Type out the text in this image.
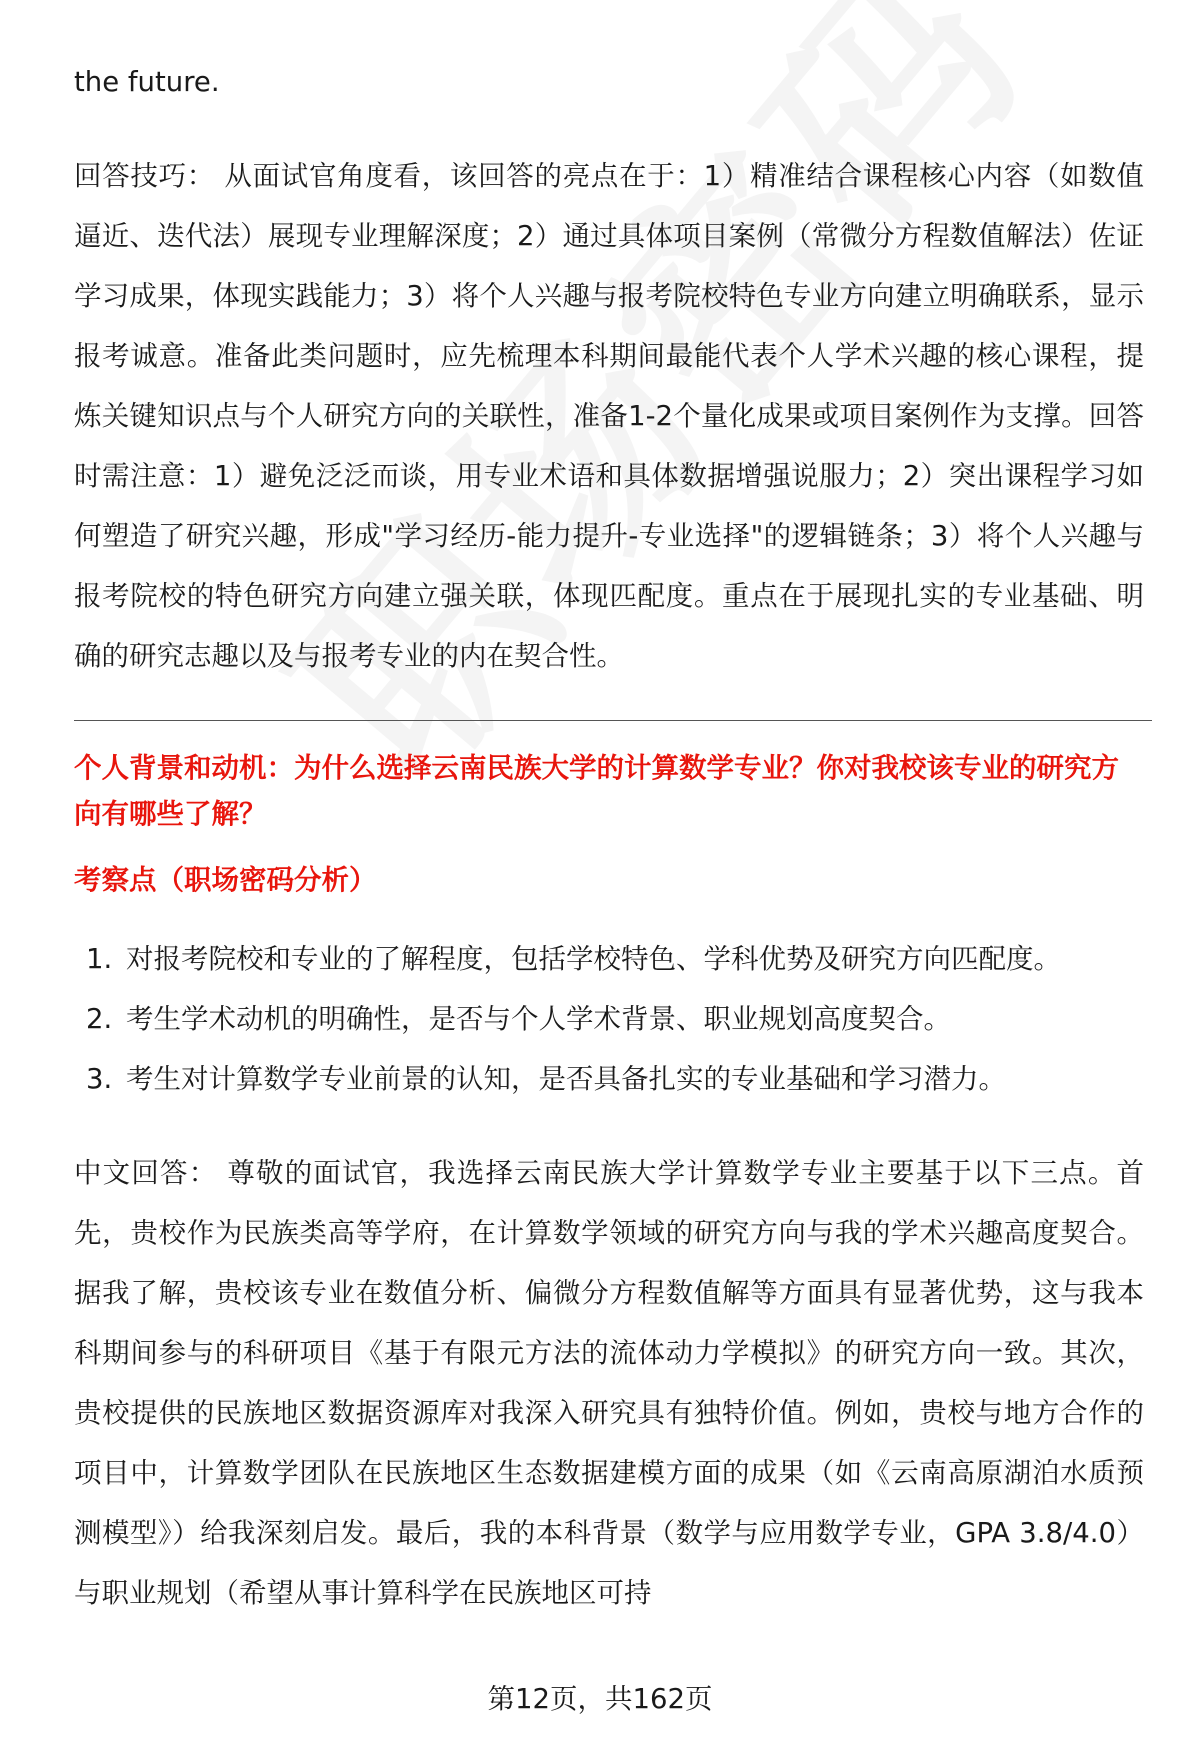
the future.

回答技巧： 从面试官角度看，该回答的亮点在于：1）精准结合课程核心内容（如数值逼近、迭代法）展现专业理解深度；2）通过具体项目案例（常微分方程数值解法）佐证学习成果，体现实践能力；3）将个人兴趣与报考院校特色专业方向建立明确联系，显示报考诚意。准备此类问题时，应先梳理本科期间最能代表个人学术兴趣的核心课程，提炼关键知识点与个人研究方向的关联性，准备1-2个量化成果或项目案例作为支撑。回答时需注意：1）避免泛泛而谈，用专业术语和具体数据增强说服力；2）突出课程学习如何塑造了研究兴趣，形成"学习经历-能力提升-专业选择"的逻辑链条；3）将个人兴趣与报考院校的特色研究方向建立强关联，体现匹配度。重点在于展现扎实的专业基础、明确的研究志趣以及与报考专业的内在契合性。

个人背景和动机：为什么选择云南民族大学的计算数学专业？你对我校该专业的研究方向有哪些了解？

考察点（职场密码分析）

1. 对报考院校和专业的了解程度，包括学校特色、学科优势及研究方向匹配度。
2. 考生学术动机的明确性，是否与个人学术背景、职业规划高度契合。
3. 考生对计算数学专业前景的认知，是否具备扎实的专业基础和学习潜力。

中文回答： 尊敬的面试官，我选择云南民族大学计算数学专业主要基于以下三点。首先，贵校作为民族类高等学府，在计算数学领域的研究方向与我的学术兴趣高度契合。据我了解，贵校该专业在数值分析、偏微分方程数值解等方面具有显著优势，这与我本科期间参与的科研项目《基于有限元方法的流体动力学模拟》的研究方向一致。其次，贵校提供的民族地区数据资源库对我深入研究具有独特价值。例如，贵校与地方合作的项目中，计算数学团队在民族地区生态数据建模方面的成果（如《云南高原湖泊水质预测模型》）给我深刻启发。最后，我的本科背景（数学与应用数学专业，GPA 3.8/4.0）与职业规划（希望从事计算科学在民族地区可持

第12页，共162页
